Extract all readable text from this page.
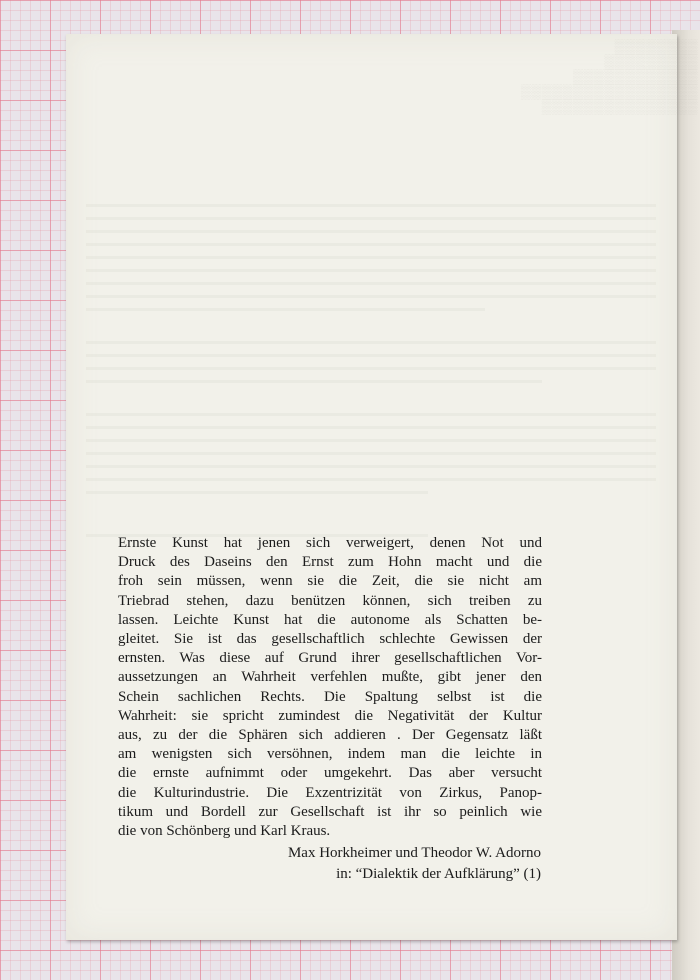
▒▒▒▒▒▒▒▒
▒▒▒▒▒▒▒▒▒
▒▒▒▒▒▒▒▒▒▒▒▒
▒▒▒▒▒▒▒▒▒▒▒▒▒▒▒▒▒
▒▒▒▒▒▒▒▒▒▒▒▒▒▒▒

Ernste Kunst hat jenen sich verweigert, denen Not und
Druck des Daseins den Ernst zum Hohn macht und die
froh sein müssen, wenn sie die Zeit, die sie nicht am
Triebrad stehen, dazu benützen können, sich treiben zu
lassen. Leichte Kunst hat die autonome als Schatten be-
gleitet. Sie ist das gesellschaftlich schlechte Gewissen der
ernsten. Was diese auf Grund ihrer gesellschaftlichen Vor-
aussetzungen an Wahrheit verfehlen mußte, gibt jener den
Schein sachlichen Rechts. Die Spaltung selbst ist die
Wahrheit: sie spricht zumindest die Negativität der Kultur
aus, zu der die Sphären sich addieren . Der Gegensatz läßt
am wenigsten sich versöhnen, indem man die leichte in
die ernste aufnimmt oder umgekehrt. Das aber versucht
die Kulturindustrie. Die Exzentrizität von Zirkus, Panop-
tikum und Bordell zur Gesellschaft ist ihr so peinlich wie
die von Schönberg und Karl Kraus.

Max Horkheimer und Theodor W. Adorno
in: “Dialektik der Aufklärung” (1)
